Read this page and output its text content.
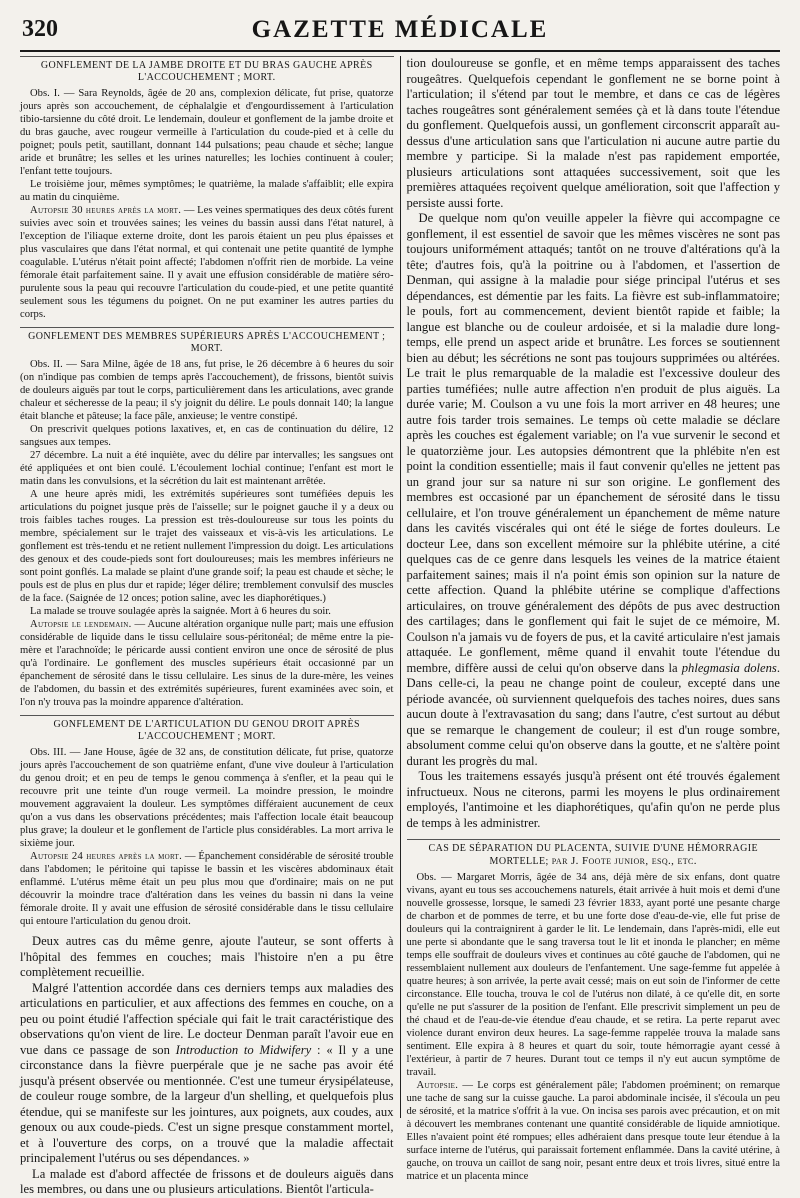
320	GAZETTE MÉDICALE
GONFLEMENT DE LA JAMBE DROITE ET DU BRAS GAUCHE APRÈS L'ACCOUCHEMENT ; MORT.

Obs. I. — Sara Reynolds, âgée de 20 ans, complexion délicate, fut prise, quatorze jours après son accouchement, de céphalalgie et d'engourdissement à l'articulation tibio-tarsienne du côté droit. Le lendemain, douleur et gonflement de la jambe droite et du bras gauche, avec rougeur vermeille à l'articulation du coude-pied et à celle du poignet; pouls petit, sautillant, donnant 144 pulsations; peau chaude et sèche; langue aride et brunâtre; les selles et les urines naturelles; les lochies continuent à couler; l'enfant tette toujours.

Le troisième jour, mêmes symptômes; le quatrième, la malade s'affaiblit; elle expira au matin du cinquième.

Autopsie 30 heures après la mort. — Les veines spermatiques des deux côtés furent suivies avec soin et trouvées saines; les veines du bassin aussi dans l'état naturel, à l'exception de l'iliaque externe droite, dont les parois étaient un peu plus épaisses et plus vasculaires que dans l'état normal, et qui contenait une petite quantité de lymphe coagulable. L'utérus n'était point affecté; l'abdomen n'offrit rien de morbide. La veine fémorale était parfaitement saine. Il y avait une effusion considérable de matière séro-purulente sous la peau qui recouvre l'articulation du coude-pied, et une petite quantité seulement sous les tégumens du poignet. On ne put examiner les autres parties du corps.

GONFLEMENT DES MEMBRES SUPÉRIEURS APRÈS L'ACCOUCHEMENT ; MORT.

Obs. II. — Sara Milne, âgée de 18 ans, fut prise, le 26 décembre à 6 heures du soir (on n'indique pas combien de temps après l'accouchement), de frissons, bientôt suivis de douleurs aiguës par tout le corps, particulièrement dans les articulations, avec grande chaleur et sécheresse de la peau; il s'y joignit du délire. Le pouls donnait 140; la langue était blanche et pâteuse; la face pâle, anxieuse; le ventre constipé.

On prescrivit quelques potions laxatives, et, en cas de continuation du délire, 12 sangsues aux tempes.

27 décembre. La nuit a été inquiète, avec du délire par intervalles; les sangsues ont été appliquées et ont bien coulé. L'écoulement lochial continue; l'enfant est mort le matin dans les convulsions, et la sécrétion du lait est maintenant arrêtée.

A une heure après midi, les extrémités supérieures sont tuméfiées depuis les articulations du poignet jusque près de l'aisselle; sur le poignet gauche il y a deux ou trois faibles taches rouges. La pression est très-douloureuse sur tous les points du membre, spécialement sur le trajet des vaisseaux et vis-à-vis les articulations. Le gonflement est très-tendu et ne retient nullement l'impression du doigt. Les articulations des genoux et des coude-pieds sont fort douloureuses; mais les membres inférieurs ne sont point gonflés. La malade se plaint d'une grande soif; la peau est chaude et sèche; le pouls est de plus en plus dur et rapide; léger délire; tremblement convulsif des muscles de la face. (Saignée de 12 onces; potion saline, avec les diaphorétiques.)

La malade se trouve soulagée après la saignée. Mort à 6 heures du soir.

Autopsie le lendemain. — Aucune altération organique nulle part; mais une effusion considérable de liquide dans le tissu cellulaire sous-péritonéal; de même entre la pie-mère et l'arachnoïde; le péricarde aussi contient environ une once de sérosité de plus qu'à l'ordinaire. Le gonflement des muscles supérieurs était occasionné par un épanchement de sérosité dans le tissu cellulaire. Les sinus de la dure-mère, les veines de l'abdomen, du bassin et des extrémités supérieures, furent examinées avec soin, et l'on n'y trouva pas la moindre apparence d'altération.

GONFLEMENT DE L'ARTICULATION DU GENOU DROIT APRÈS L'ACCOUCHEMENT ; MORT.

Obs. III. — Jane House, âgée de 32 ans, de constitution délicate, fut prise, quatorze jours après l'accouchement de son quatrième enfant, d'une vive douleur à l'articulation du genou droit; et en peu de temps le genou commença à s'enfler, et la peau qui le recouvre prit une teinte d'un rouge vermeil. La moindre pression, le moindre mouvement aggravaient la douleur. Les symptômes différaient aucunement de ceux qu'on a vus dans les observations précédentes; mais l'affection locale était beaucoup plus grave; la douleur et le gonflement de l'article plus considérables. La mort arriva le sixième jour.

Autopsie 24 heures après la mort. — Épanchement considérable de sérosité trouble dans l'abdomen; le péritoine qui tapisse le bassin et les viscères abdominaux était enflammé. L'utérus même était un peu plus mou que d'ordinaire; mais on ne put découvrir la moindre trace d'altération dans les veines du bassin ni dans la veine fémorale droite. Il y avait une effusion de sérosité considérable dans le tissu cellulaire qui entoure l'articulation du genou droit.

Deux autres cas du même genre, ajoute l'auteur, se sont offerts à l'hôpital des femmes en couches; mais l'histoire n'en a pu être complètement recueillie.

Malgré l'attention accordée dans ces derniers temps aux maladies des articulations en particulier, et aux affections des femmes en couche, on a peu ou point étudié l'affection spéciale qui fait le trait caractéristique des observations qu'on vient de lire. Le docteur Denman paraît l'avoir eue en vue dans ce passage de son Introduction to Midwifery : « Il y a une circonstance dans la fièvre puerpérale que je ne sache pas avoir été jusqu'à présent observée ou mentionnée. C'est une tumeur érysipélateuse, de couleur rouge sombre, de la largeur d'un shelling, et quelquefois plus étendue, qui se manifeste sur les jointures, aux poignets, aux coudes, aux genoux ou aux coude-pieds. C'est un signe presque constamment mortel, et à l'ouverture des corps, on a trouvé que la maladie affectait principalement l'utérus ou ses dépendances. »

La malade est d'abord affectée de frissons et de douleurs aiguës dans les membres, ou dans une ou plusieurs articulations. Bientôt l'articula-

tion douloureuse se gonfle, et en même temps apparaissent des taches rougeâtres. Quelquefois cependant le gonflement ne se borne point à l'articulation; il s'étend par tout le membre, et dans ce cas de légères taches rougeâtres sont généralement semées çà et là dans toute l'étendue du gonflement. Quelquefois aussi, un gonflement circonscrit apparaît au-dessus d'une articulation sans que l'articulation ni aucune autre partie du membre y participe. Si la malade n'est pas rapidement emportée, plusieurs articulations sont attaquées successivement, soit que les premières attaquées reçoivent quelque amélioration, soit que l'affection y persiste aussi forte.

De quelque nom qu'on veuille appeler la fièvre qui accompagne ce gonflement, il est essentiel de savoir que les mêmes viscères ne sont pas toujours uniformément attaqués; tantôt on ne trouve d'altérations qu'à la tête; d'autres fois, qu'à la poitrine ou à l'abdomen, et l'assertion de Denman, qui assigne à la maladie pour siége principal l'utérus et ses dépendances, est démentie par les faits. La fièvre est sub-inflammatoire; le pouls, fort au commencement, devient bientôt rapide et faible; la langue est blanche ou de couleur ardoisée, et si la maladie dure long-temps, elle prend un aspect aride et brunâtre. Les forces se soutiennent bien au début; les sécrétions ne sont pas toujours supprimées ou altérées. Le trait le plus remarquable de la maladie est l'excessive douleur des parties tuméfiées; nulle autre affection n'en produit de plus aiguës. La durée varie; M. Coulson a vu une fois la mort arriver en 48 heures; une autre fois tarder trois semaines. Le temps où cette maladie se déclare après les couches est également variable; on l'a vue survenir le second et le quatorzième jour. Les autopsies démontrent que la phlébite n'en est point la condition essentielle; mais il faut convenir qu'elles ne jettent pas un grand jour sur sa nature ni sur son origine. Le gonflement des membres est occasioné par un épanchement de sérosité dans le tissu cellulaire, et l'on trouve généralement un épanchement de même nature dans les cavités viscérales qui ont été le siége de fortes douleurs. Le docteur Lee, dans son excellent mémoire sur la phlébite utérine, a cité quelques cas de ce genre dans lesquels les veines de la matrice étaient parfaitement saines; mais il n'a point émis son opinion sur la nature de cette affection. Quand la phlébite utérine se complique d'affections articulaires, on trouve généralement des dépôts de pus avec destruction des cartilages; dans le gonflement qui fait le sujet de ce mémoire, M. Coulson n'a jamais vu de foyers de pus, et la cavité articulaire n'est jamais attaquée. Le gonflement, même quand il envahit toute l'étendue du membre, diffère aussi de celui qu'on observe dans la phlegmasia dolens. Dans celle-ci, la peau ne change point de couleur, excepté dans une période avancée, où surviennent quelquefois des taches noires, dues sans aucun doute à l'extravasation du sang; dans l'autre, c'est surtout au début que se remarque le changement de couleur; il est d'un rouge sombre, absolument comme celui qu'on observe dans la goutte, et ne s'altère point durant les progrès du mal.

Tous les traitemens essayés jusqu'à présent ont été trouvés également infructueux. Nous ne citerons, parmi les moyens le plus ordinairement employés, l'antimoine et les diaphorétiques, qu'afin qu'on ne perde plus de temps à les administrer.

CAS DE SÉPARATION DU PLACENTA, SUIVIE D'UNE HÉMORRAGIE MORTELLE; par J. Foote junior, esq., etc.

Obs. — Margaret Morris, âgée de 34 ans, déjà mère de six enfans, dont quatre vivans, ayant eu tous ses accouchemens naturels, était arrivée à huit mois et demi d'une nouvelle grossesse, lorsque, le samedi 23 février 1833, ayant porté une pesante charge de charbon et de pommes de terre, et bu une forte dose d'eau-de-vie, elle fut prise de douleurs qui la contraignirent à garder le lit. Le lendemain, dans l'après-midi, elle eut une perte si abondante que le sang traversa tout le lit et inonda le plancher; en même temps elle souffrait de douleurs vives et continues au côté gauche de l'abdomen, qui ne ressemblaient nullement aux douleurs de l'enfantement. Une sage-femme fut appelée à quatre heures; à son arrivée, la perte avait cessé; mais on eut soin de l'informer de cette circonstance. Elle toucha, trouva le col de l'utérus non dilaté, à ce qu'elle dit, en sorte qu'elle ne put s'assurer de la position de l'enfant. Elle prescrivit simplement un peu de thé chaud et de l'eau-de-vie étendue d'eau chaude, et se retira. La perte reparut avec violence durant environ deux heures. La sage-femme rappelée trouva la malade sans sentiment. Elle expira à 8 heures et quart du soir, toute hémorragie ayant cessé à l'extérieur, à partir de 7 heures. Durant tout ce temps il n'y eut aucun symptôme de travail.

Autopsie. — Le corps est généralement pâle; l'abdomen proéminent; on remarque une tache de sang sur la cuisse gauche. La paroi abdominale incisée, il s'écoula un peu de sérosité, et la matrice s'offrit à la vue. On incisa ses parois avec précaution, et on mit à découvert les membranes contenant une quantité considérable de liquide amniotique. Elles n'avaient point été rompues; elles adhéraient dans presque toute leur étendue à la surface interne de l'utérus, qui paraissait fortement enflammée. Dans la cavité utérine, à gauche, on trouva un caillot de sang noir, pesant entre deux et trois livres, situé entre la matrice et un placenta mince
